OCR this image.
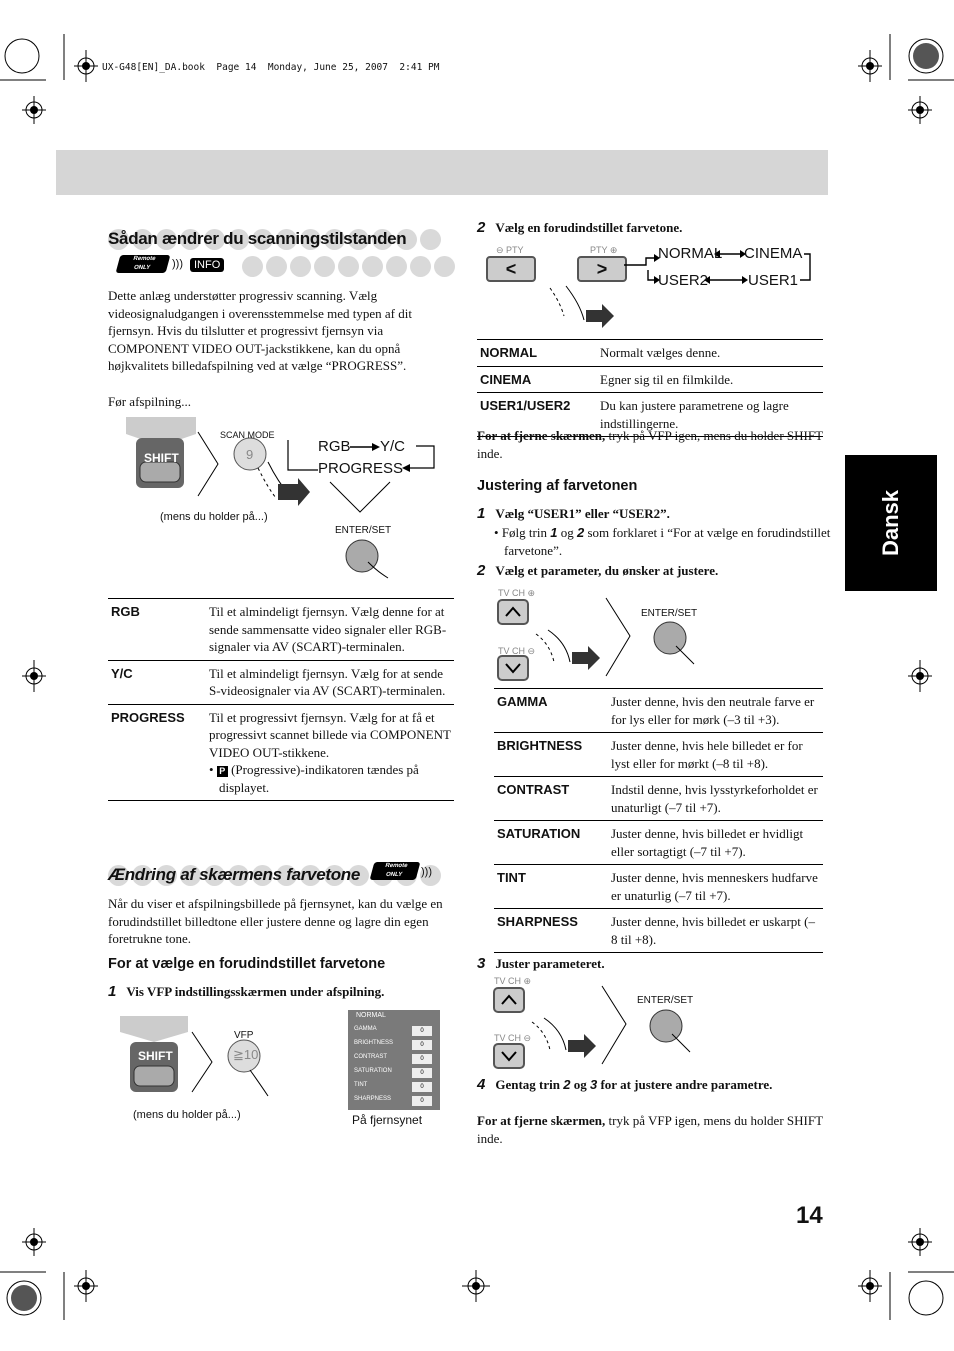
UX-G48[EN]_DA.book  Page 14  Monday, June 25, 2007  2:41 PM
Dansk
Sådan ændrer du scanningstilstanden
Remote ONLY	)))	INFO
Dette anlæg understøtter progressiv scanning. Vælg videosignaludgangen i overensstemmelse med typen af dit fjernsyn. Hvis du tilslutter et progressivt fjernsyn via COMPONENT VIDEO OUT-jackstikkene, kan du opnå højkvalitets billedafspilning ved at vælge “PROGRESS”.
Før afspilning...
SHIFT
SCAN MODE
9	RGB Y/C
PROGRESS
(mens du holder på...)
ENTER/SET
RGB	Til et almindeligt fjernsyn. Vælg denne for at sende sammensatte video signaler eller RGB-signaler via AV (SCART)-terminalen.
Y/C	Til et almindeligt fjernsyn. Vælg for at sende S-videosignaler via AV (SCART)-terminalen.
PROGRESS	Til et progressivt fjernsyn. Vælg for at få et progressivt scannet billede via COMPONENT VIDEO OUT-stikkene.
• P (Progressive)-indikatoren tændes på displayet.
Ændring af skærmens farvetone	Remote ONLY	)))
Når du viser et afspilningsbillede på fjernsynet, kan du vælge en forudindstillet billedtone eller justere denne og lagre din egen foretrukne tone.
For at vælge en forudindstillet farvetone
1 Vis VFP indstillingsskærmen under afspilning.
SHIFT
VFP
≧10
(mens du holder på...)
NORMAL
GAMMA	0
BRIGHTNESS	0
CONTRAST	0
SATURATION	0
TINT	0
SHARPNESS	0
På fjernsynet
2 Vælg en forudindstillet farvetone.
⊖ PTY	PTY ⊕
<	>
NORMAL CINEMA
USER2	USER1
NORMAL	Normalt vælges denne.
CINEMA	Egner sig til en filmkilde.
USER1/USER2	Du kan justere parametrene og lagre indstillingerne.
For at fjerne skærmen, tryk på VFP igen, mens du holder SHIFT inde.
Justering af farvetonen
1 Vælg “USER1” eller “USER2”.
• Følg trin 1 og 2 som forklaret i “For at vælge en forudindstillet farvetone”.
2 Vælg et parameter, du ønsker at justere.
TV CH ⊕
TV CH ⊖
ENTER/SET
GAMMA	Juster denne, hvis den neutrale farve er for lys eller for mørk (–3 til +3).
BRIGHTNESS	Juster denne, hvis hele billedet er for lyst eller for mørkt (–8 til +8).
CONTRAST	Indstil denne, hvis lysstyrkeforholdet er unaturligt (–7 til +7).
SATURATION	Juster denne, hvis billedet er hvidligt eller sortagtigt (–7 til +7).
TINT	Juster denne, hvis menneskers hudfarve er unaturlig (–7 til +7).
SHARPNESS	Juster denne, hvis billedet er uskarpt (–8 til +8).
3 Juster parameteret.
TV CH ⊕
TV CH ⊖
ENTER/SET
4 Gentag trin 2 og 3 for at justere andre parametre.
For at fjerne skærmen, tryk på VFP igen, mens du holder SHIFT inde.
14
